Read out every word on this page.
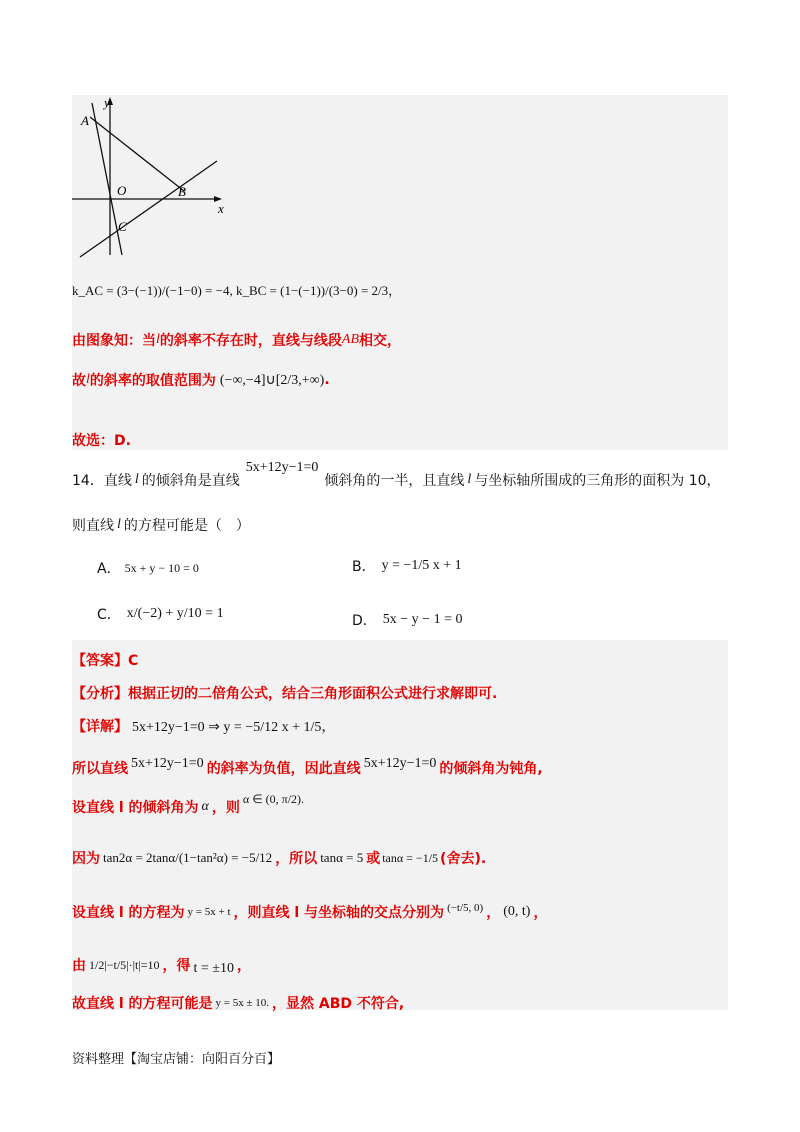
y
x
A
O	B
C
k_AC = (3−(−1))/(−1−0) = −4, k_BC = (1−(−1))/(3−0) = 2/3，
由图象知：当 l 的斜率不存在时，直线与线段 AB 相交，
故 l 的斜率的取值范围为 (−∞,−4]∪[2/3,+∞) .
故选：D.
14．直线 l 的倾斜角是直线
5x+12y−1=0
倾斜角的一半，且直线 l 与坐标轴所围成的三角形的面积为 10，
则直线 l 的方程可能是（　）
A． 5x + y − 10 = 0	B． y = −1/5 x + 1
C． x/(−2) + y/10 = 1	D． 5x − y − 1 = 0
【答案】C
【分析】根据正切的二倍角公式，结合三角形面积公式进行求解即可.
【详解】 5x+12y−1=0 ⇒ y = −5/12 x + 1/5，
所以直线 5x+12y−1=0 的斜率为负值，因此直线 5x+12y−1=0 的倾斜角为钝角,
设直线 l 的倾斜角为 α ，则
α ∈ (0, π/2).
因为 tan2α = 2tanα/(1−tan²α) = −5/12 ，所以 tanα = 5 或 tanα = −1/5 (舍去).
设直线 l 的方程为 y = 5x + t ，则直线 l 与坐标轴的交点分别为 (−t/5, 0) ， (0, t) ，
由 1/2|−t/5|·|t|=10 ，得 t = ±10 ，
故直线 l 的方程可能是 y = 5x ± 10. ，显然 ABD 不符合,
资料整理【淘宝店铺：向阳百分百】
